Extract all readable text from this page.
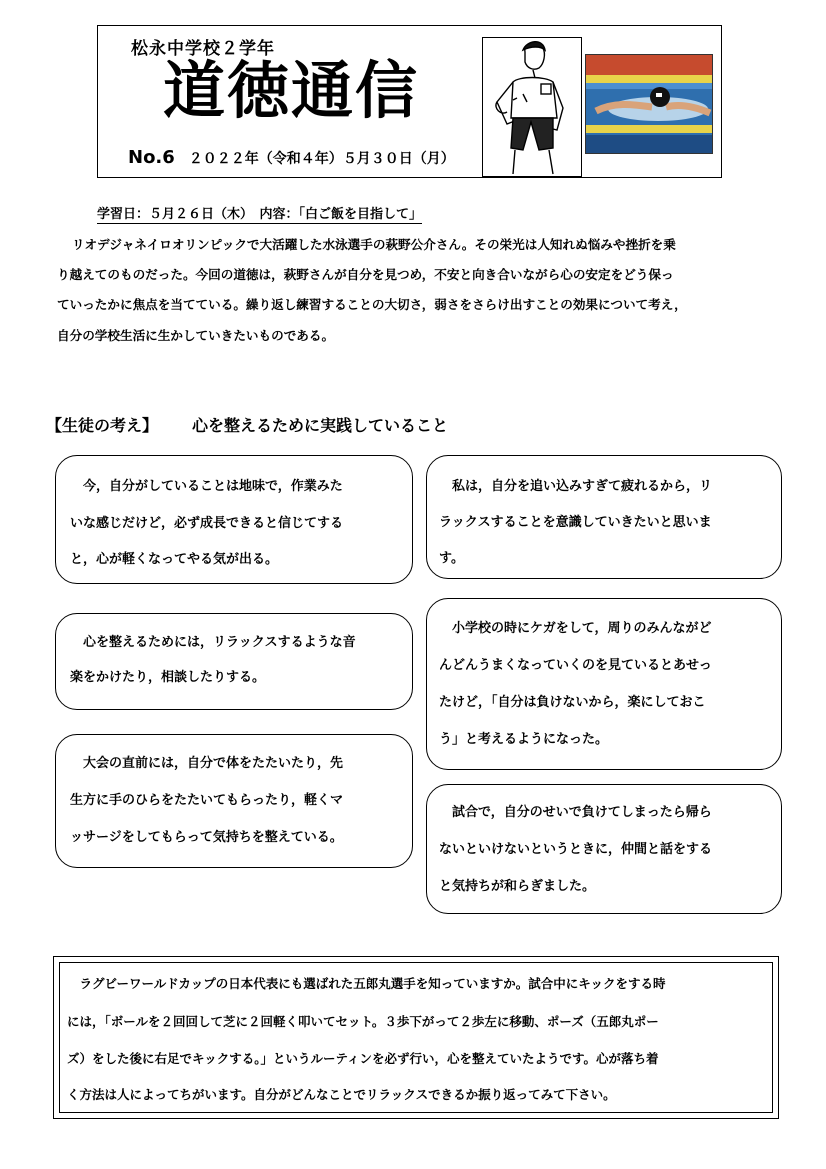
松永中学校２学年
道徳通信
No.6 ２０２２年（令和４年）５月３０日（月）
学習日：５月２６日（木）　内容：「白ご飯を目指して」
リオデジャネイロオリンピックで大活躍した水泳選手の萩野公介さん。その栄光は人知れぬ悩みや挫折を乗
り越えてのものだった。今回の道徳は，萩野さんが自分を見つめ，不安と向き合いながら心の安定をどう保っ
ていったかに焦点を当てている。繰り返し練習することの大切さ，弱さをさらけ出すことの効果について考え，
自分の学校生活に生かしていきたいものである。
【生徒の考え】 心を整えるために実践していること
　今，自分がしていることは地味で，作業みた
いな感じだけど，必ず成長できると信じてする
と，心が軽くなってやる気が出る。
　心を整えるためには，リラックスするような音
楽をかけたり，相談したりする。
　大会の直前には，自分で体をたたいたり，先
生方に手のひらをたたいてもらったり，軽くマ
ッサージをしてもらって気持ちを整えている。
　私は，自分を追い込みすぎて疲れるから，リ
ラックスすることを意識していきたいと思いま
す。
　小学校の時にケガをして，周りのみんながど
んどんうまくなっていくのを見ているとあせっ
たけど，「自分は負けないから，楽にしておこ
う」と考えるようになった。
　試合で，自分のせいで負けてしまったら帰ら
ないといけないというときに，仲間と話をする
と気持ちが和らぎました。
　ラグビーワールドカップの日本代表にも選ばれた五郎丸選手を知っていますか。試合中にキックをする時
には，「ボールを２回回して芝に２回軽く叩いてセット。３歩下がって２歩左に移動、ポーズ（五郎丸ポー
ズ）をした後に右足でキックする。」というルーティンを必ず行い，心を整えていたようです。心が落ち着
く方法は人によってちがいます。自分がどんなことでリラックスできるか振り返ってみて下さい。
